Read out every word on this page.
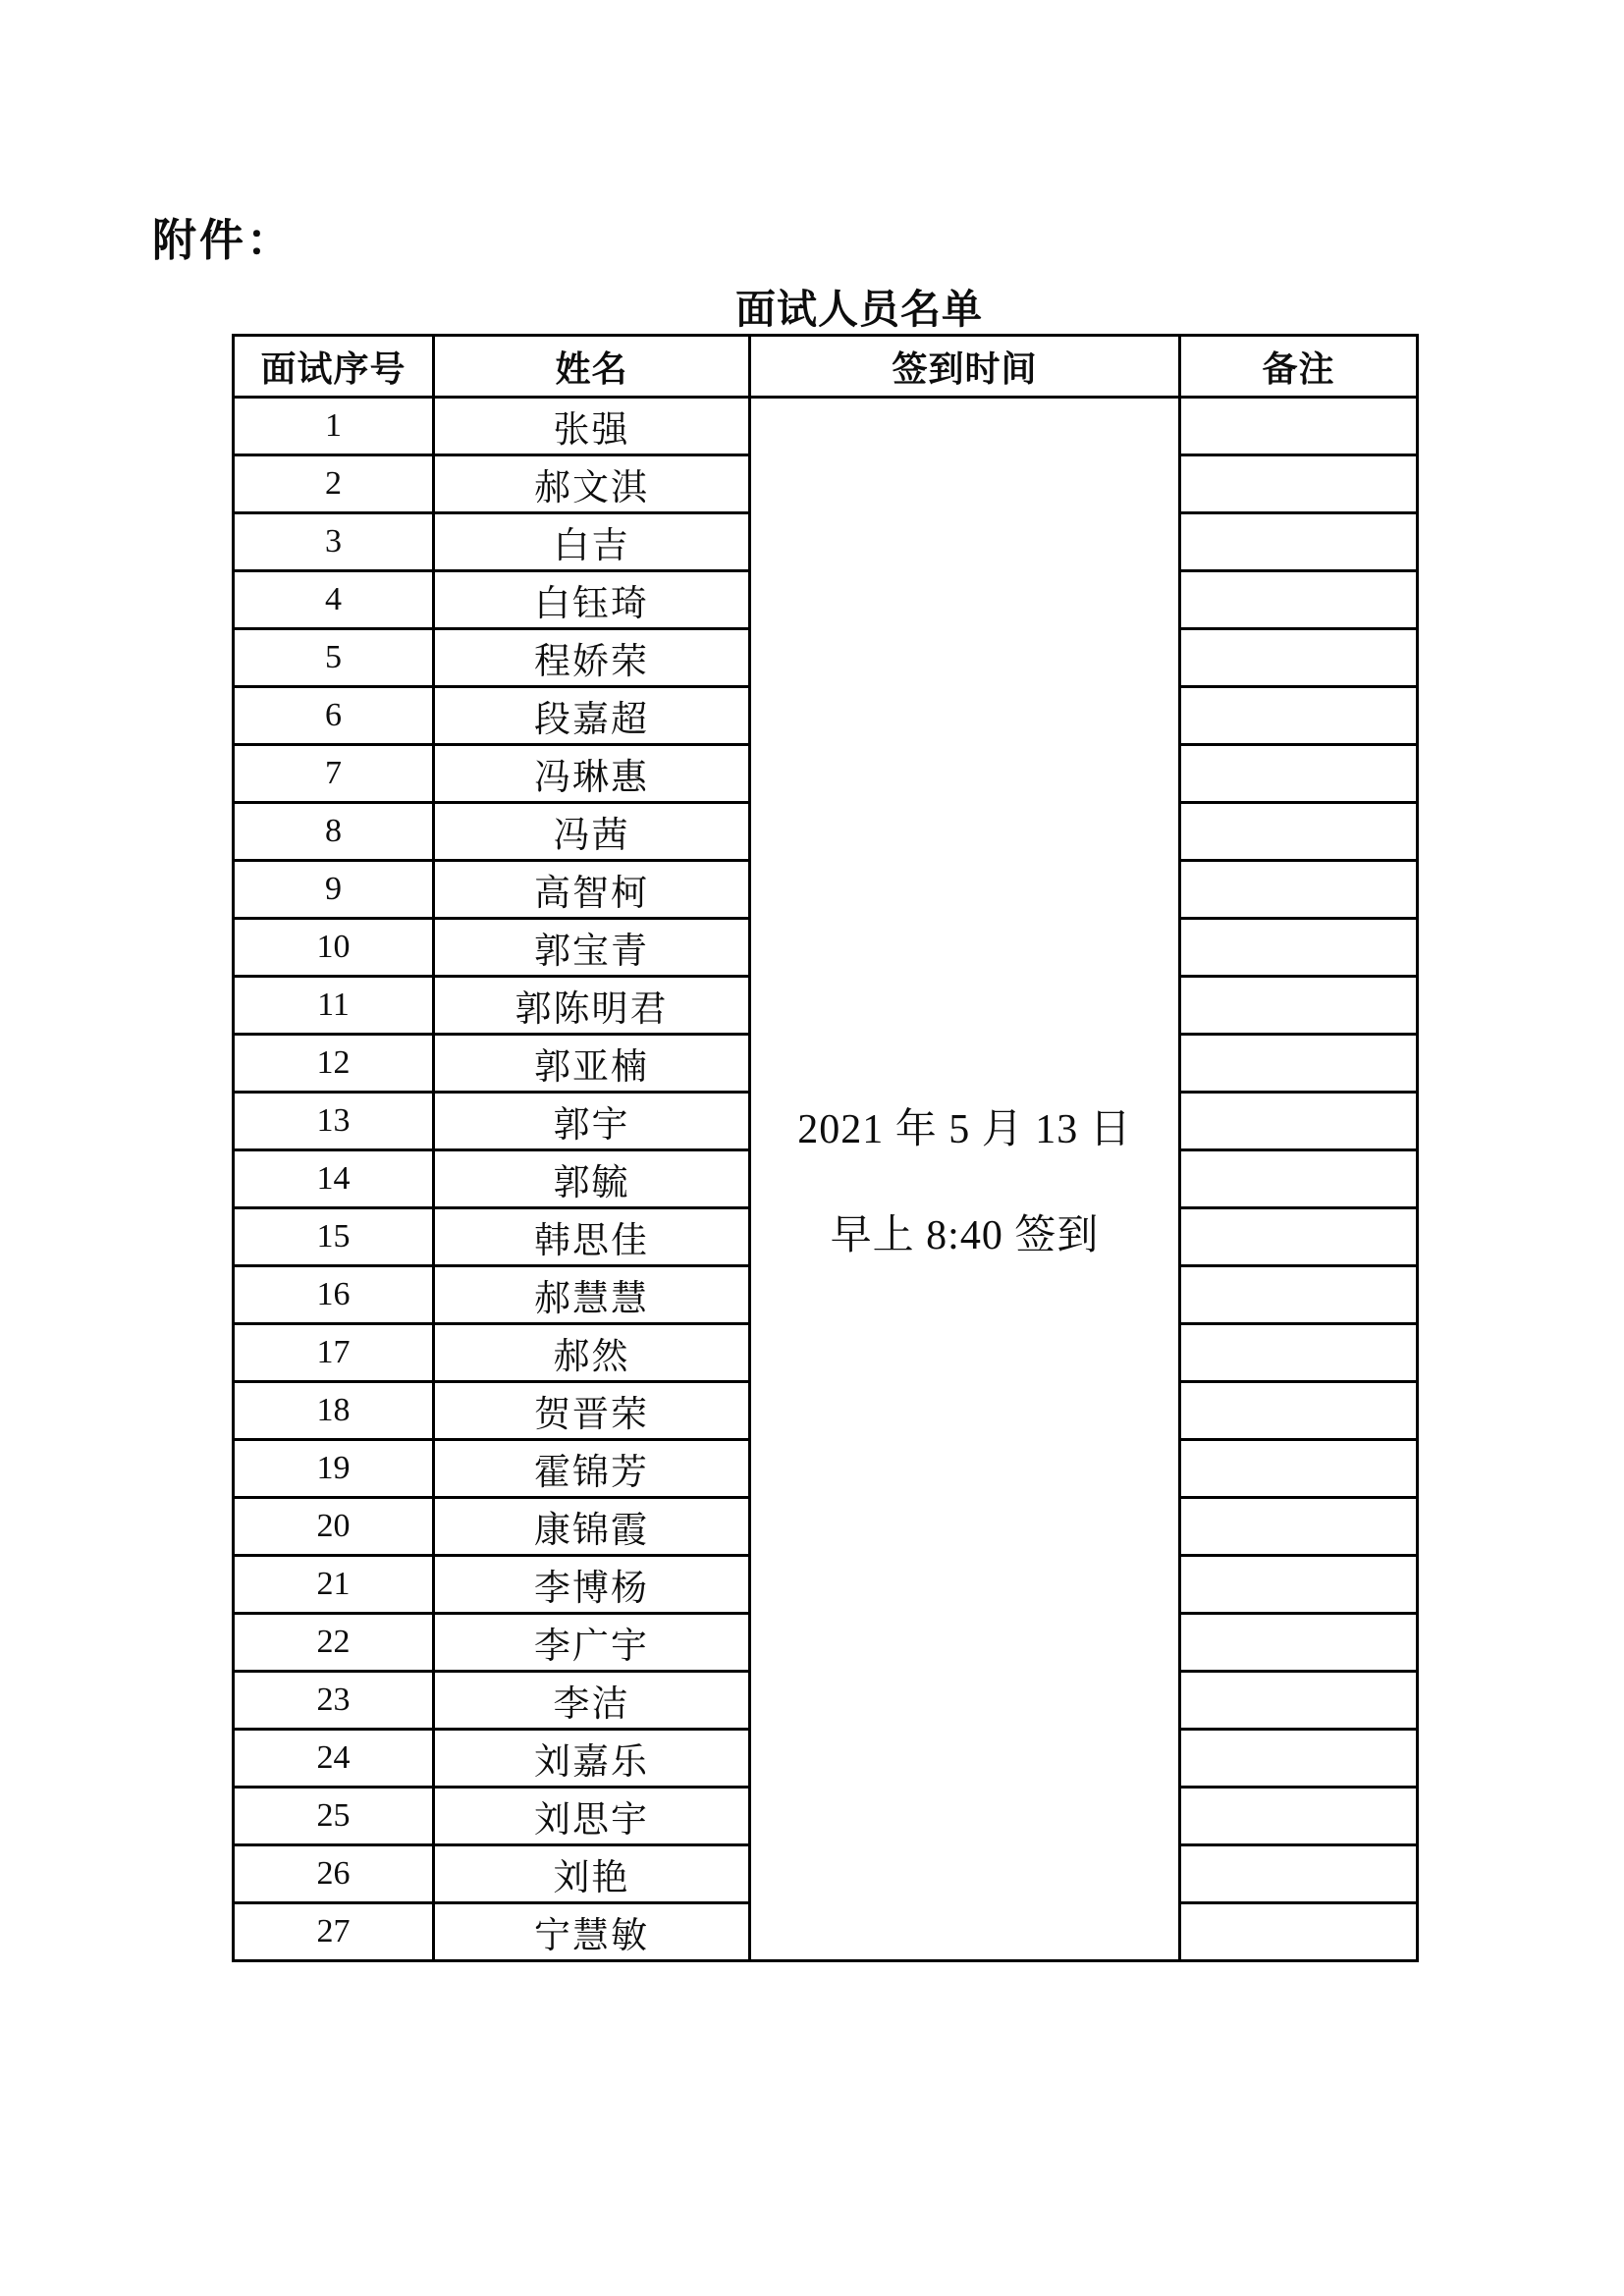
附件：
面试人员名单
面试序号	姓名	签到时间	备注
1	张强	2021 年 5 月 13 日
早上 8:40 签到	

2	郝文淇		
3	白吉		
4	白钰琦		
5	程娇荣		
6	段嘉超		
7	冯琳惠		
8	冯茜		
9	高智柯		
10	郭宝青		
11	郭陈明君		
12	郭亚楠		
13	郭宇		
14	郭毓		
15	韩思佳		
16	郝慧慧		
17	郝然		
18	贺晋荣		
19	霍锦芳		
20	康锦霞		
21	李博杨		
22	李广宇		
23	李洁		
24	刘嘉乐		
25	刘思宇		
26	刘艳		
27	宁慧敏		
